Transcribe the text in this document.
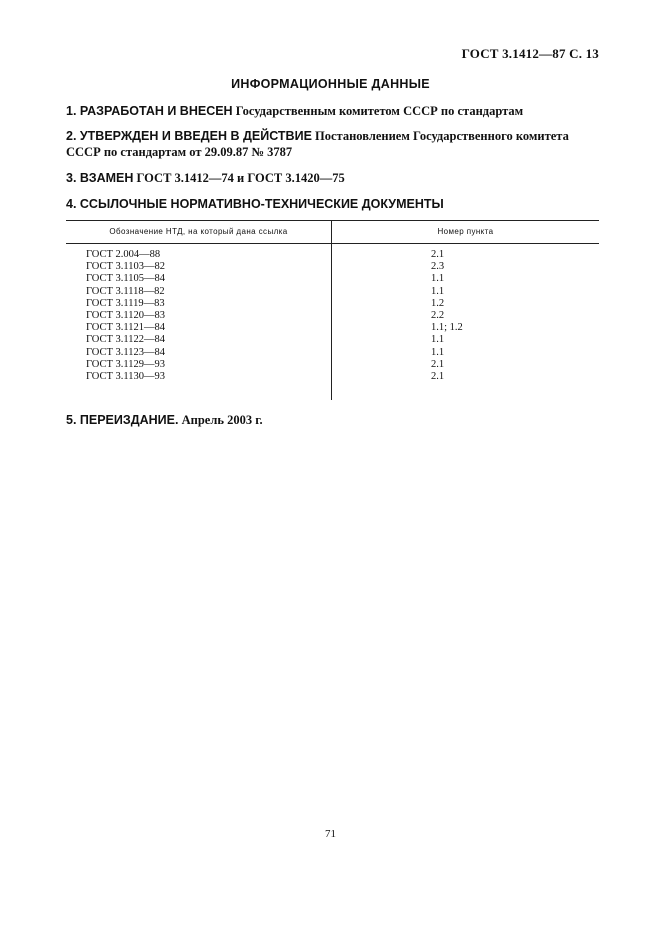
ГОСТ 3.1412—87 С. 13
ИНФОРМАЦИОННЫЕ ДАННЫЕ
1. РАЗРАБОТАН И ВНЕСЕН Государственным комитетом СССР по стандартам
2. УТВЕРЖДЕН И ВВЕДЕН В ДЕЙСТВИЕ Постановлением Государственного комитета СССР по стандартам от 29.09.87 № 3787
3. ВЗАМЕН ГОСТ 3.1412—74 и ГОСТ 3.1420—75
4. ССЫЛОЧНЫЕ НОРМАТИВНО-ТЕХНИЧЕСКИЕ ДОКУМЕНТЫ
Обозначение НТД, на который дана ссылка	Номер пункта
ГОСТ 2.004—88	2.1
ГОСТ 3.1103—82	2.3
ГОСТ 3.1105—84	1.1
ГОСТ 3.1118—82	1.1
ГОСТ 3.1119—83	1.2
ГОСТ 3.1120—83	2.2
ГОСТ 3.1121—84	1.1; 1.2
ГОСТ 3.1122—84	1.1
ГОСТ 3.1123—84	1.1
ГОСТ 3.1129—93	2.1
ГОСТ 3.1130—93	2.1
5. ПЕРЕИЗДАНИЕ. Апрель 2003 г.
71
